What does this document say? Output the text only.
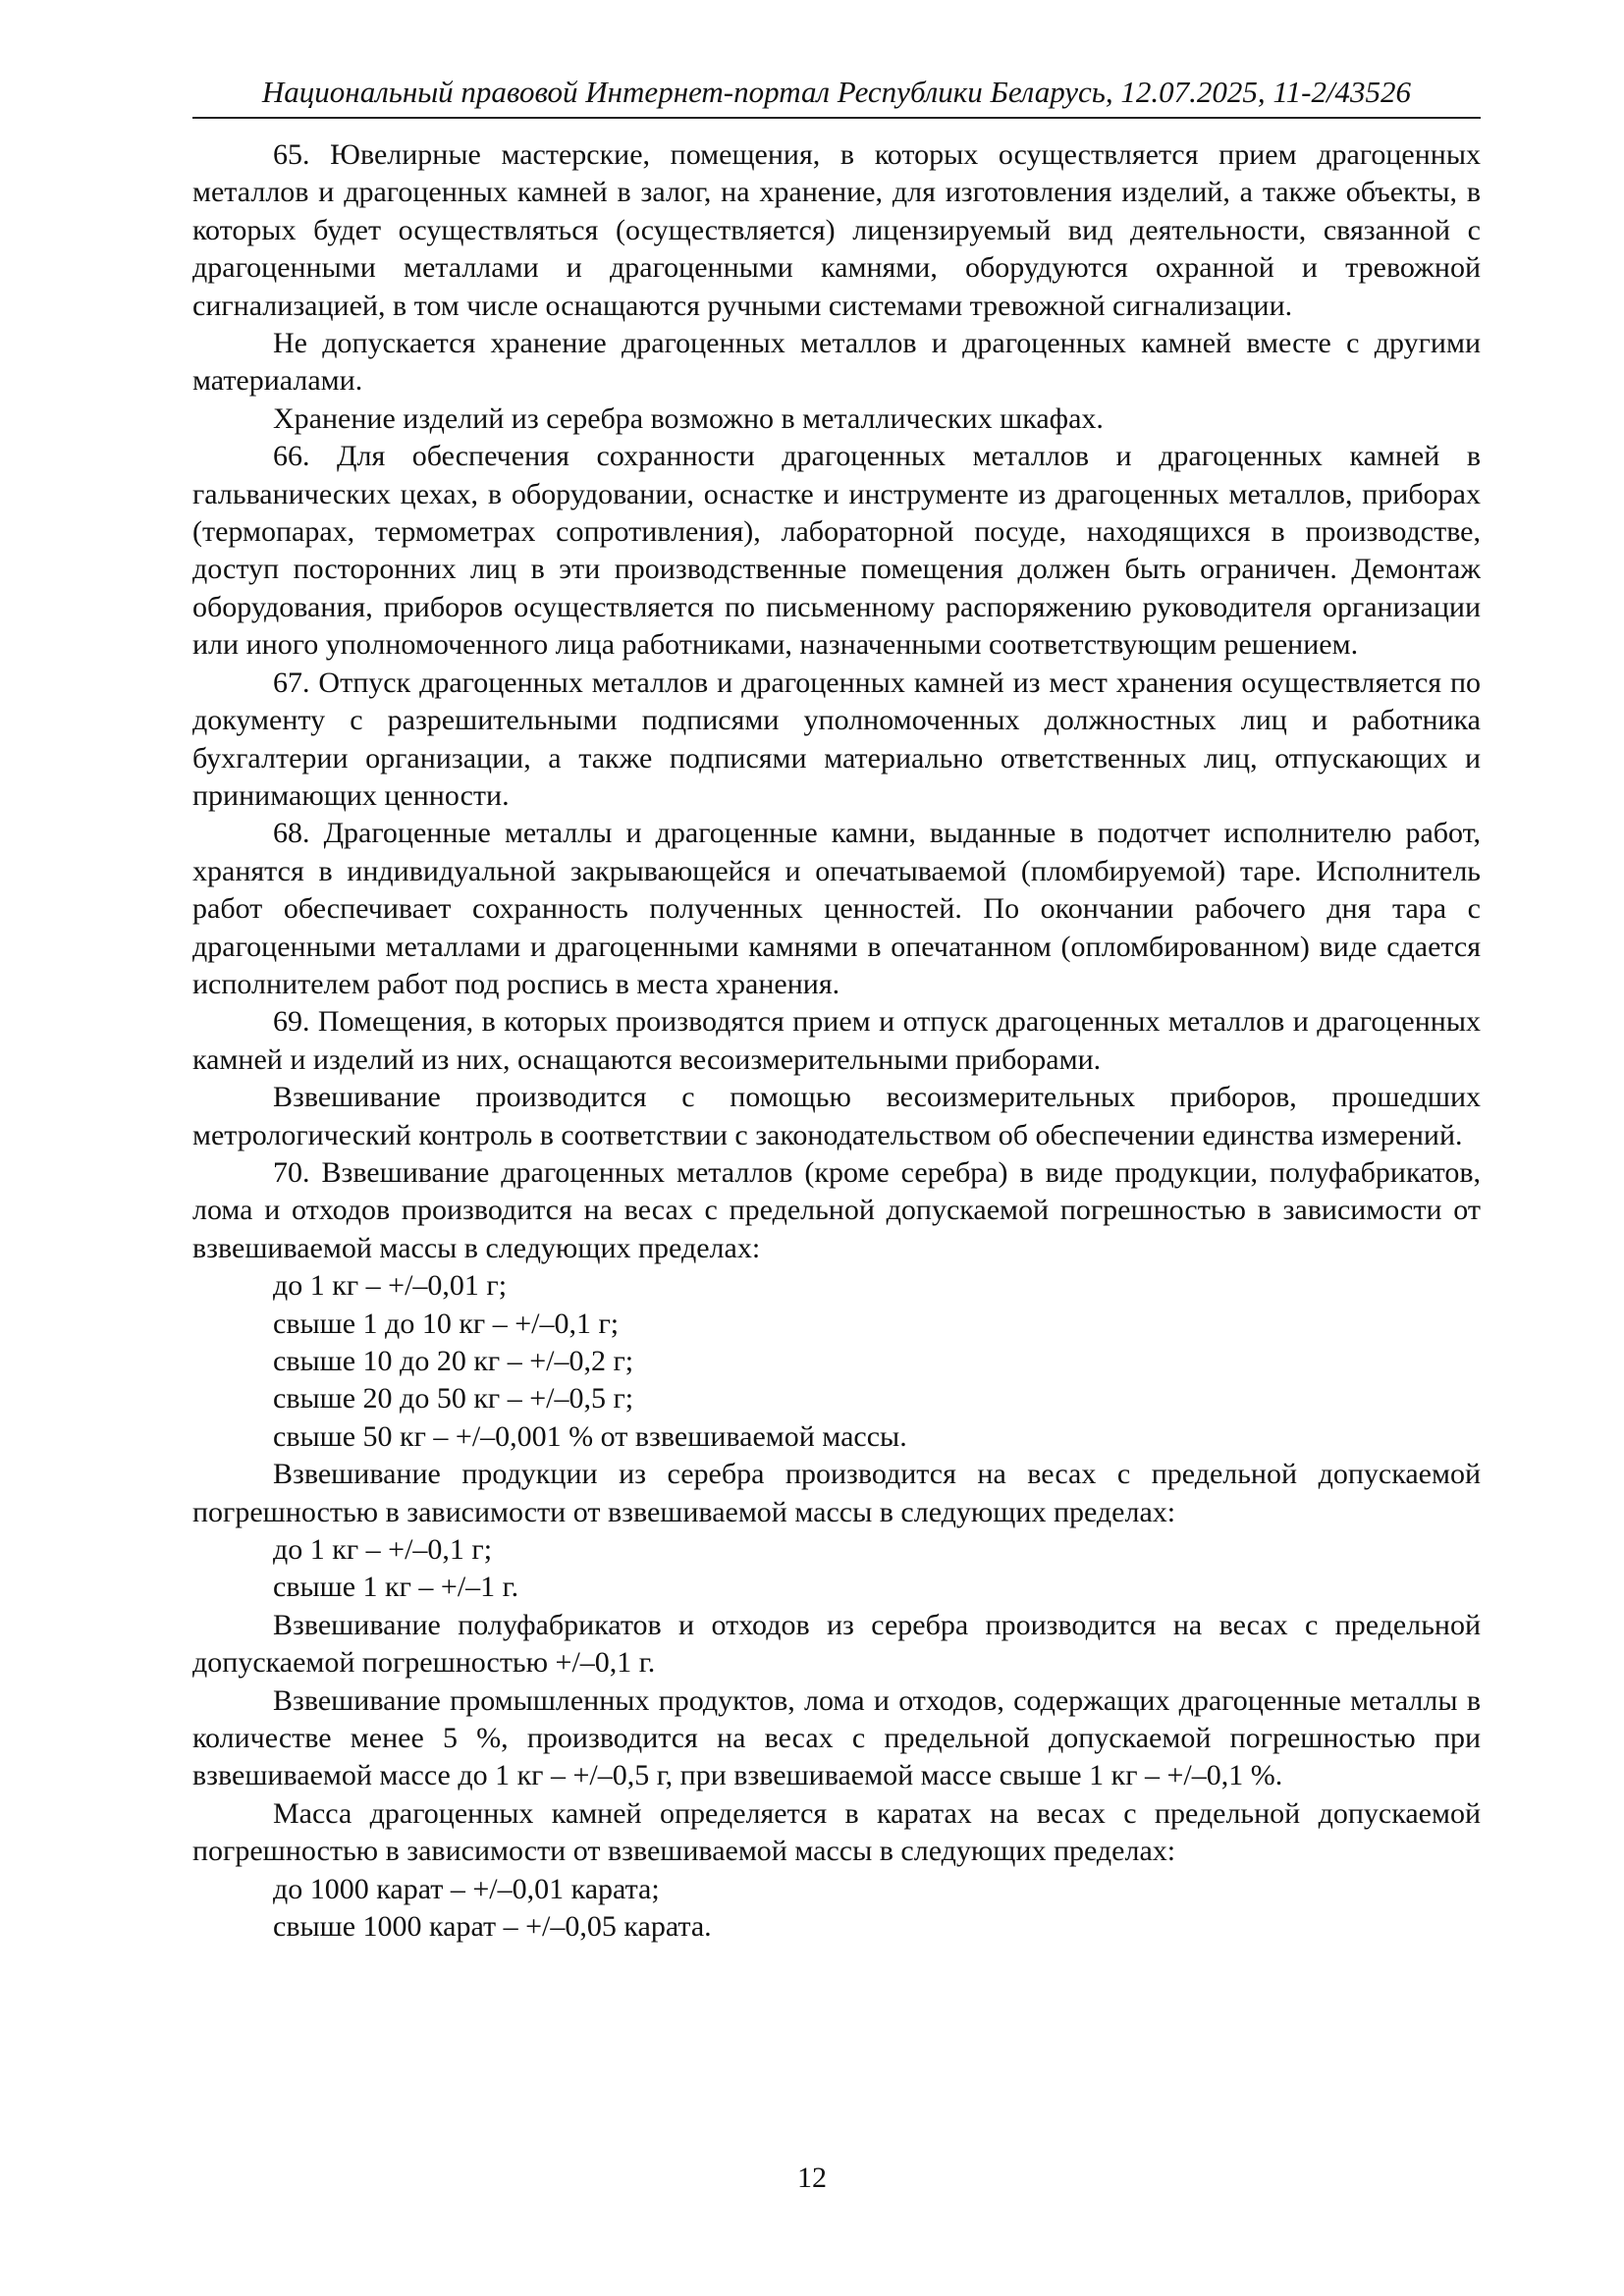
Национальный правовой Интернет-портал Республики Беларусь, 12.07.2025, 11-2/43526
65. Ювелирные мастерские, помещения, в которых осуществляется прием драгоценных металлов и драгоценных камней в залог, на хранение, для изготовления изделий, а также объекты, в которых будет осуществляться (осуществляется) лицензируемый вид деятельности, связанной с драгоценными металлами и драгоценными камнями, оборудуются охранной и тревожной сигнализацией, в том числе оснащаются ручными системами тревожной сигнализации.
Не допускается хранение драгоценных металлов и драгоценных камней вместе с другими материалами.
Хранение изделий из серебра возможно в металлических шкафах.
66. Для обеспечения сохранности драгоценных металлов и драгоценных камней в гальванических цехах, в оборудовании, оснастке и инструменте из драгоценных металлов, приборах (термопарах, термометрах сопротивления), лабораторной посуде, находящихся в производстве, доступ посторонних лиц в эти производственные помещения должен быть ограничен. Демонтаж оборудования, приборов осуществляется по письменному распоряжению руководителя организации или иного уполномоченного лица работниками, назначенными соответствующим решением.
67. Отпуск драгоценных металлов и драгоценных камней из мест хранения осуществляется по документу с разрешительными подписями уполномоченных должностных лиц и работника бухгалтерии организации, а также подписями материально ответственных лиц, отпускающих и принимающих ценности.
68. Драгоценные металлы и драгоценные камни, выданные в подотчет исполнителю работ, хранятся в индивидуальной закрывающейся и опечатываемой (пломбируемой) таре. Исполнитель работ обеспечивает сохранность полученных ценностей. По окончании рабочего дня тара с драгоценными металлами и драгоценными камнями в опечатанном (опломбированном) виде сдается исполнителем работ под роспись в места хранения.
69. Помещения, в которых производятся прием и отпуск драгоценных металлов и драгоценных камней и изделий из них, оснащаются весоизмерительными приборами.
Взвешивание производится с помощью весоизмерительных приборов, прошедших метрологический контроль в соответствии с законодательством об обеспечении единства измерений.
70. Взвешивание драгоценных металлов (кроме серебра) в виде продукции, полуфабрикатов, лома и отходов производится на весах с предельной допускаемой погрешностью в зависимости от взвешиваемой массы в следующих пределах:
до 1 кг – +/–0,01 г;
свыше 1 до 10 кг – +/–0,1 г;
свыше 10 до 20 кг – +/–0,2 г;
свыше 20 до 50 кг – +/–0,5 г;
свыше 50 кг – +/–0,001 % от взвешиваемой массы.
Взвешивание продукции из серебра производится на весах с предельной допускаемой погрешностью в зависимости от взвешиваемой массы в следующих пределах:
до 1 кг – +/–0,1 г;
свыше 1 кг – +/–1 г.
Взвешивание полуфабрикатов и отходов из серебра производится на весах с предельной допускаемой погрешностью +/–0,1 г.
Взвешивание промышленных продуктов, лома и отходов, содержащих драгоценные металлы в количестве менее 5 %, производится на весах с предельной допускаемой погрешностью при взвешиваемой массе до 1 кг – +/–0,5 г, при взвешиваемой массе свыше 1 кг – +/–0,1 %.
Масса драгоценных камней определяется в каратах на весах с предельной допускаемой погрешностью в зависимости от взвешиваемой массы в следующих пределах:
до 1000 карат – +/–0,01 карата;
свыше 1000 карат – +/–0,05 карата.
12
